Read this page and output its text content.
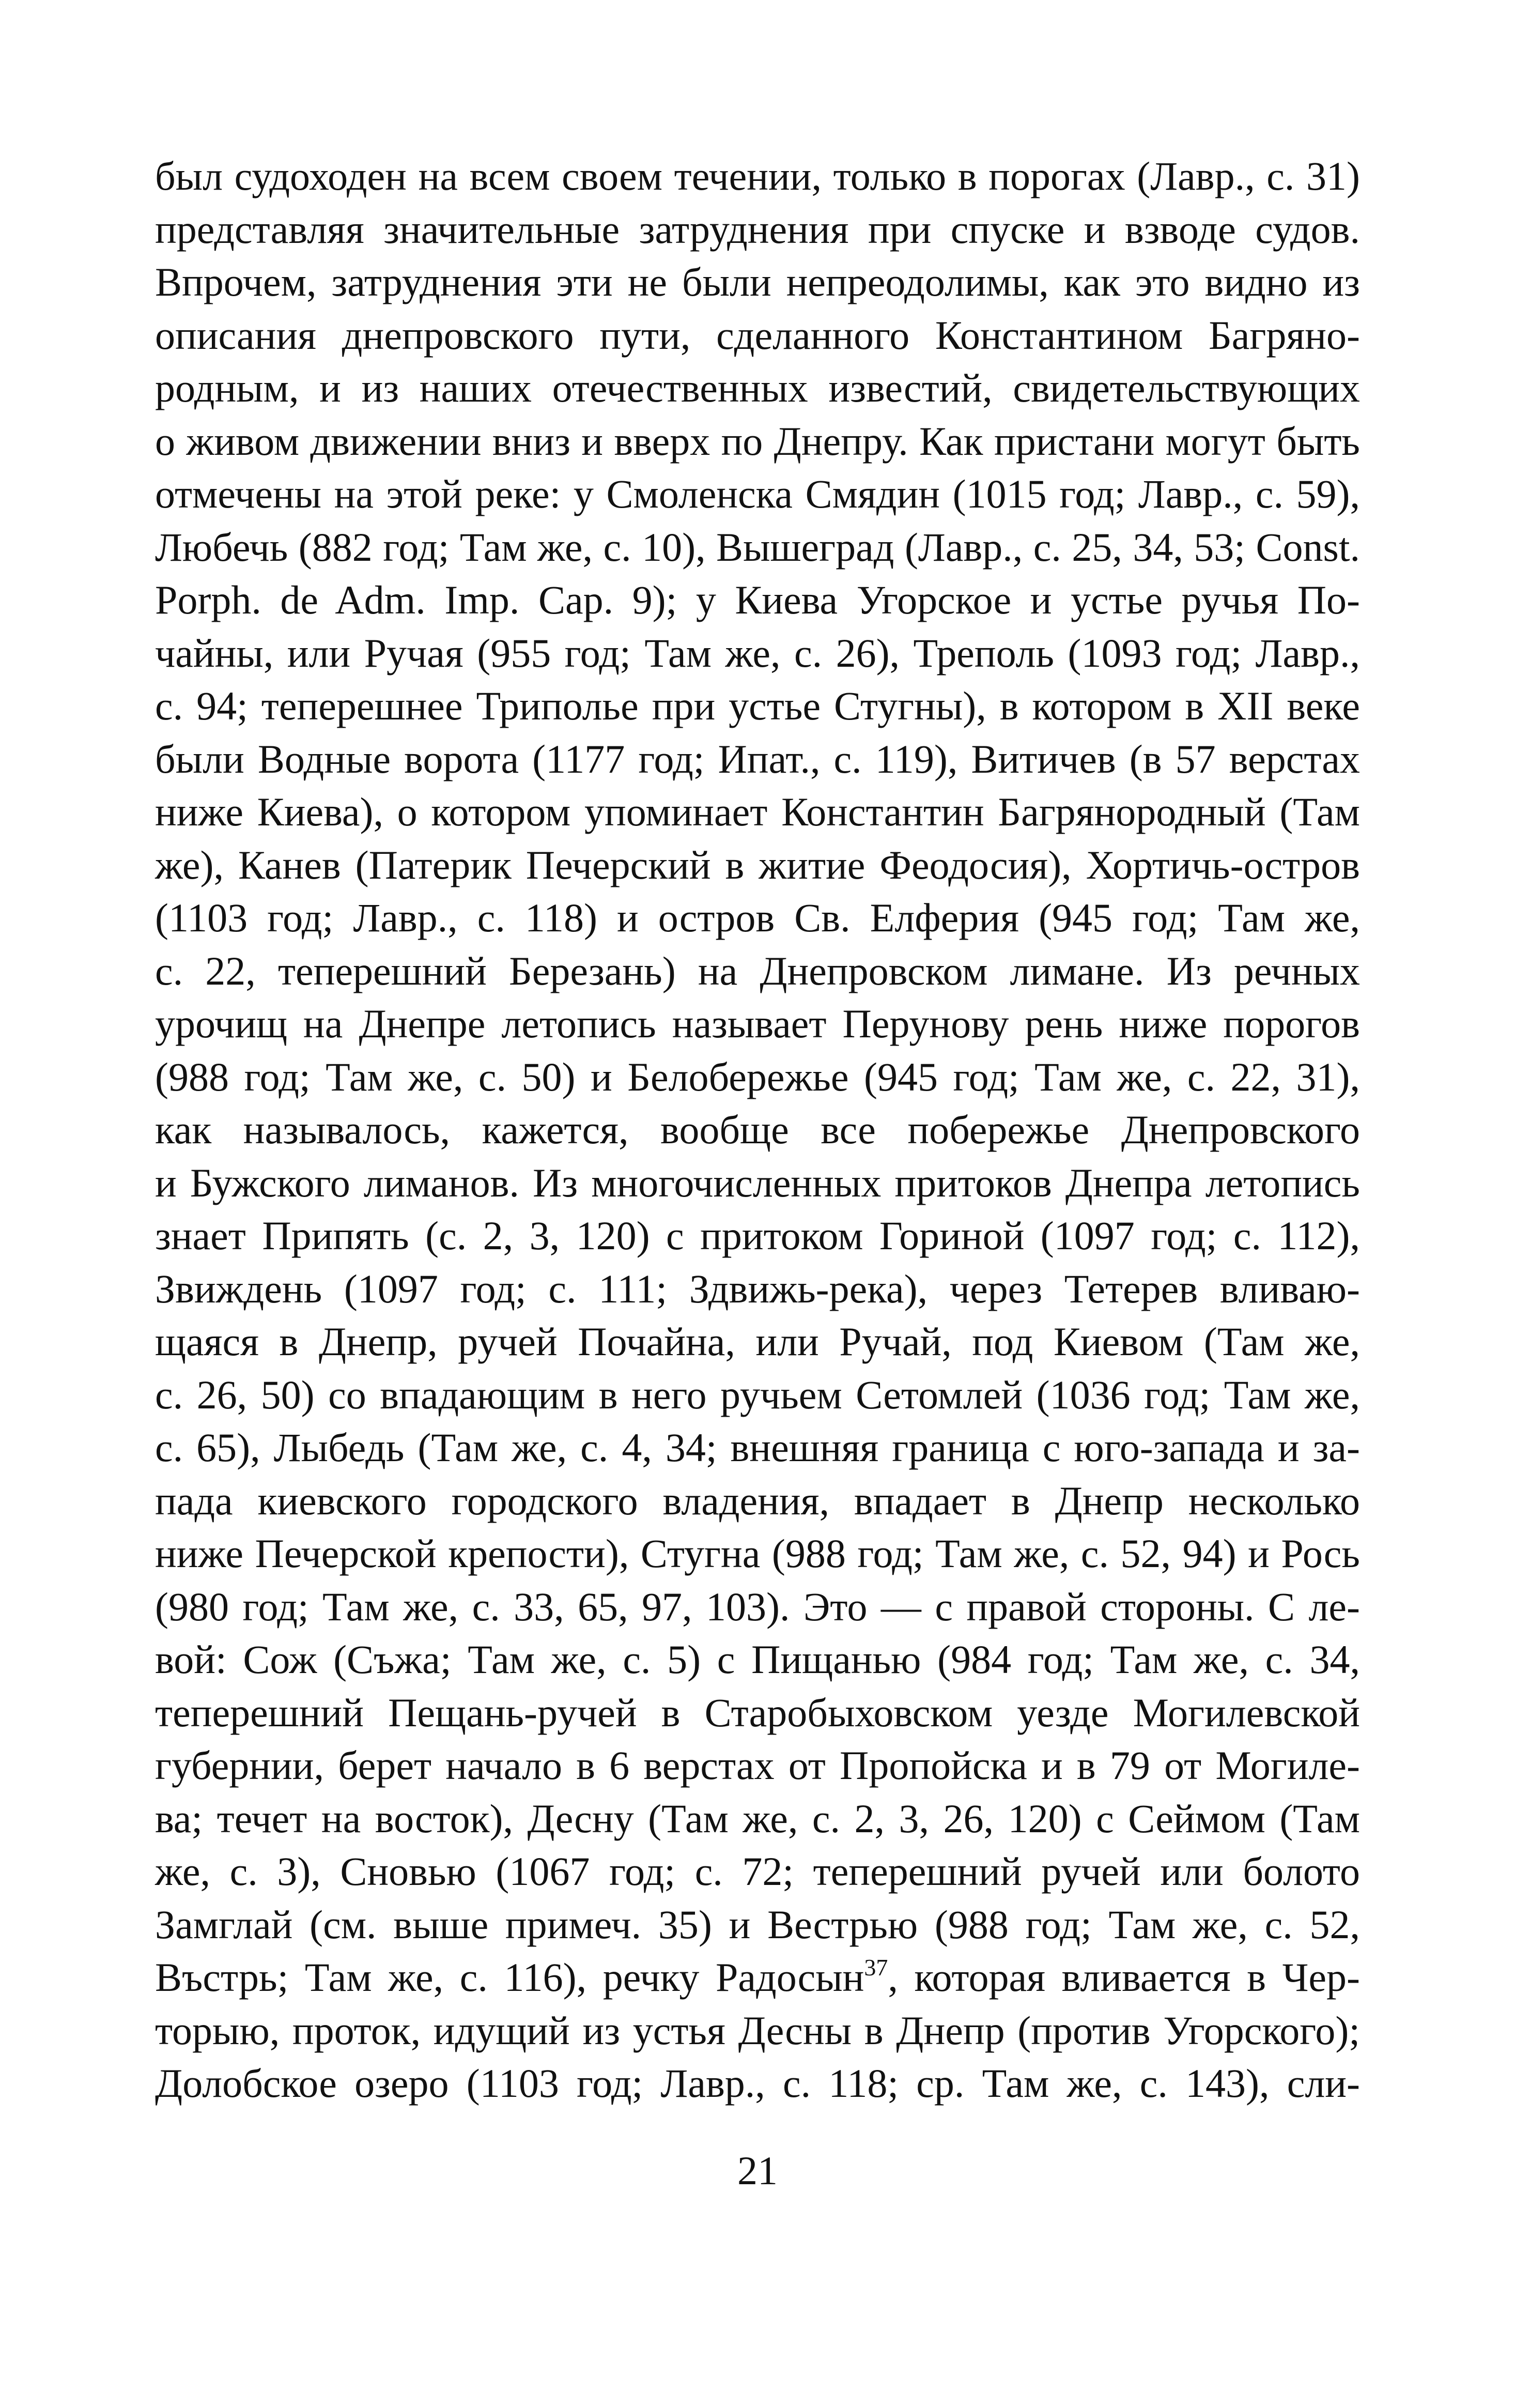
был судоходен на всем своем течении, только в порогах (Лавр., с. 31)
представляя значительные затруднения при спуске и взводе судов.
Впрочем, затруднения эти не были непреодолимы, как это видно из
описания днепровского пути, сделанного Константином Багряно-
родным, и из наших отечественных известий, свидетельствующих
о живом движении вниз и вверх по Днепру. Как пристани могут быть
отмечены на этой реке: у Смоленска Смядин (1015 год; Лавр., с. 59),
Любечь (882 год; Там же, с. 10), Вышеград (Лавр., с. 25, 34, 53; Const.
Porph. de Adm. Imp. Cap. 9); у Киева Угорское и устье ручья По-
чайны, или Ручая (955 год; Там же, с. 26), Треполь (1093 год; Лавр.,
с. 94; теперешнее Триполье при устье Стугны), в котором в XII веке
были Водные ворота (1177 год; Ипат., с. 119), Витичев (в 57 верстах
ниже Киева), о котором упоминает Константин Багрянородный (Там
же), Канев (Патерик Печерский в житие Феодосия), Хортичь-остров
(1103 год; Лавр., с. 118) и остров Св. Елферия (945 год; Там же,
с. 22, теперешний Березань) на Днепровском лимане. Из речных
урочищ на Днепре летопись называет Перунову рень ниже порогов
(988 год; Там же, с. 50) и Белобережье (945 год; Там же, с. 22, 31),
как называлось, кажется, вообще все побережье Днепровского
и Бужского лиманов. Из многочисленных притоков Днепра летопись
знает Припять (с. 2, 3, 120) с притоком Гориной (1097 год; с. 112),
Звиждень (1097 год; с. 111; Здвижь-река), через Тетерев вливаю-
щаяся в Днепр, ручей Почайна, или Ручай, под Киевом (Там же,
с. 26, 50) со впадающим в него ручьем Сетомлей (1036 год; Там же,
с. 65), Лыбедь (Там же, с. 4, 34; внешняя граница с юго-запада и за-
пада киевского городского владения, впадает в Днепр несколько
ниже Печерской крепости), Стугна (988 год; Там же, с. 52, 94) и Рось
(980 год; Там же, с. 33, 65, 97, 103). Это — с правой стороны. С ле-
вой: Сож (Съжа; Там же, с. 5) с Пищанью (984 год; Там же, с. 34,
теперешний Пещань-ручей в Старобыховском уезде Могилевской
губернии, берет начало в 6 верстах от Пропойска и в 79 от Могиле-
ва; течет на восток), Десну (Там же, с. 2, 3, 26, 120) с Сеймом (Там
же, с. 3), Сновью (1067 год; с. 72; теперешний ручей или болото
Замглай (см. выше примеч. 35) и Вестрью (988 год; Там же, с. 52,
Въстрь; Там же, с. 116), речку Радосын$^{37}$, которая вливается в Чер-
торыю, проток, идущий из устья Десны в Днепр (против Угорского);
Долобское озеро (1103 год; Лавр., с. 118; ср. Там же, с. 143), сли-
21
